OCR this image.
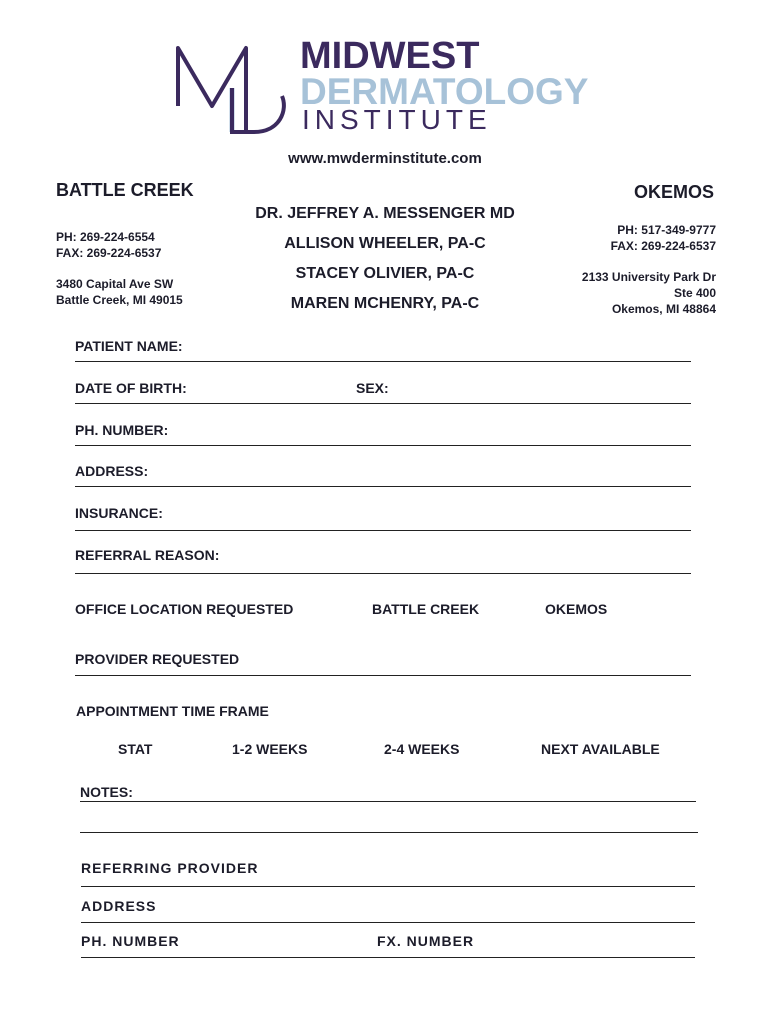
MIDWEST
DERMATOLOGY
INSTITUTE
www.mwderminstitute.com
BATTLE CREEK
PH: 269-224-6554
FAX: 269-224-6537
3480 Capital Ave SW
Battle Creek, MI 49015
OKEMOS
PH: 517-349-9777
FAX: 269-224-6537
2133 University Park Dr
Ste 400
Okemos, MI 48864
DR. JEFFREY A. MESSENGER MD
ALLISON WHEELER, PA-C
STACEY OLIVIER, PA-C
MAREN MCHENRY, PA-C
PATIENT NAME:
DATE OF BIRTH:	SEX:
PH. NUMBER:
ADDRESS:
INSURANCE:
REFERRAL REASON:
OFFICE LOCATION REQUESTED	BATTLE CREEK	OKEMOS
PROVIDER REQUESTED
APPOINTMENT TIME FRAME
STAT	1-2 WEEKS	2-4 WEEKS	NEXT AVAILABLE
NOTES:
REFERRING PROVIDER
ADDRESS
PH. NUMBER	FX. NUMBER
